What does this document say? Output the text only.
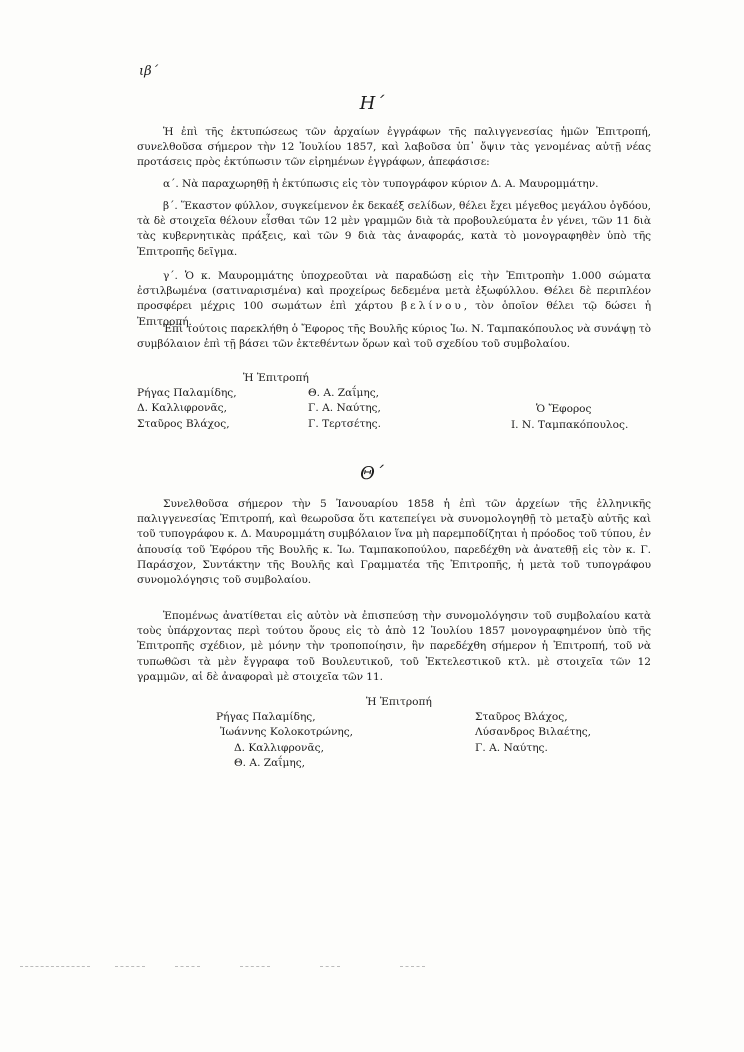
ιβ΄
Η΄

Ἡ ἐπὶ τῆς ἐκτυπώσεως τῶν ἀρχαίων ἐγγράφων τῆς παλιγγενεσίας ἡμῶν Ἐπιτροπή, συνελθοῦσα σήμερον τὴν 12 Ἰουλίου 1857, καὶ λαβοῦσα ὑπ᾽ ὄψιν τὰς γενομένας αὐτῇ νέας προτάσεις πρὸς ἐκτύπωσιν τῶν εἰρημένων ἐγγράφων, ἀπεφάσισε:

α΄. Νὰ παραχωρηθῇ ἡ ἐκτύπωσις εἰς τὸν τυπογράφον κύριον Δ. Α. Μαυρομμάτην.

β΄. Ἕκαστον φύλλον, συγκείμενον ἐκ δεκαέξ σελίδων, θέλει ἔχει μέγεθος μεγάλου ὀγδόου, τὰ δὲ στοιχεῖα θέλουν εἶσθαι τῶν 12 μὲν γραμμῶν διὰ τὰ προβουλεύματα ἐν γένει, τῶν 11 διὰ τὰς κυβερνητικὰς πράξεις, καὶ τῶν 9 διὰ τὰς ἀναφοράς, κατὰ τὸ μονογραφηθὲν ὑπὸ τῆς Ἐπιτροπῆς δεῖγμα.

γ΄. Ὁ κ. Μαυρομμάτης ὑποχρεοῦται νὰ παραδώσῃ εἰς τὴν Ἐπιτροπὴν 1.000 σώματα ἐστιλβωμένα (σατιναρισμένα) καὶ προχείρως δεδεμένα μετὰ ἐξωφύλλου. Θέλει δὲ περιπλέον προσφέρει μέχρις 100 σωμάτων ἐπὶ χάρτου βελίνου, τὸν ὁποῖον θέλει τῷ δώσει ἡ Ἐπιτροπή.

Ἐπὶ τούτοις παρεκλήθη ὁ Ἔφορος τῆς Βουλῆς κύριος Ἰω. Ν. Ταμπακόπουλος νὰ συνάψῃ τὸ συμβόλαιον ἐπὶ τῇ βάσει τῶν ἐκτεθέντων ὅρων καὶ τοῦ σχεδίου τοῦ συμβολαίου.

Ἡ Ἐπιτροπή
Ρήγας Παλαμίδης,
Δ. Καλλιφρονᾶς,
Σταῦρος Βλάχος,
Θ. Α. Ζαΐμης,
Γ. Α. Ναύτης,
Γ. Τερτσέτης.
Ὁ Ἔφορος
Ι. Ν. Ταμπακόπουλος.
Θ΄

Συνελθοῦσα σήμερον τὴν 5 Ἰανουαρίου 1858 ἡ ἐπὶ τῶν ἀρχείων τῆς ἑλληνικῆς παλιγγενεσίας Ἐπιτροπή, καὶ θεωροῦσα ὅτι κατεπείγει νὰ συνομολογηθῇ τὸ μεταξὺ αὐτῆς καὶ τοῦ τυπογράφου κ. Δ. Μαυρομμάτη συμβόλαιον ἵνα μὴ παρεμποδίζηται ἡ πρόοδος τοῦ τύπου, ἐν ἀπουσίᾳ τοῦ Ἐφόρου τῆς Βουλῆς κ. Ἰω. Ταμπακοπούλου, παρεδέχθη νὰ ἀνατεθῇ εἰς τὸν κ. Γ. Παράσχον, Συντάκτην τῆς Βουλῆς καὶ Γραμματέα τῆς Ἐπιτροπῆς, ἡ μετὰ τοῦ τυπογράφου συνομολόγησις τοῦ συμβολαίου.

Ἑπομένως ἀνατίθεται εἰς αὐτὸν νὰ ἐπισπεύσῃ τὴν συνομολόγησιν τοῦ συμβολαίου κατὰ τοὺς ὑπάρχοντας περὶ τούτου ὅρους εἰς τὸ ἀπὸ 12 Ἰουλίου 1857 μονογραφημένον ὑπὸ τῆς Ἐπιτροπῆς σχέδιον, μὲ μόνην τὴν τροποποίησιν, ἣν παρεδέχθη σήμερον ἡ Ἐπιτροπή, τοῦ νὰ τυπωθῶσι τὰ μὲν ἔγγραφα τοῦ Βουλευτικοῦ, τοῦ Ἐκτελεστικοῦ κτλ. μὲ στοιχεῖα τῶν 12 γραμμῶν, αἱ δὲ ἀναφοραὶ μὲ στοιχεῖα τῶν 11.

Ἡ Ἐπιτροπή
Ρήγας Παλαμίδης,
Ἰωάννης Κολοκοτρώνης,
Δ. Καλλιφρονᾶς,
Θ. Α. Ζαΐμης,
Σταῦρος Βλάχος,
Λύσανδρος Βιλαέτης,
Γ. Α. Ναύτης.
